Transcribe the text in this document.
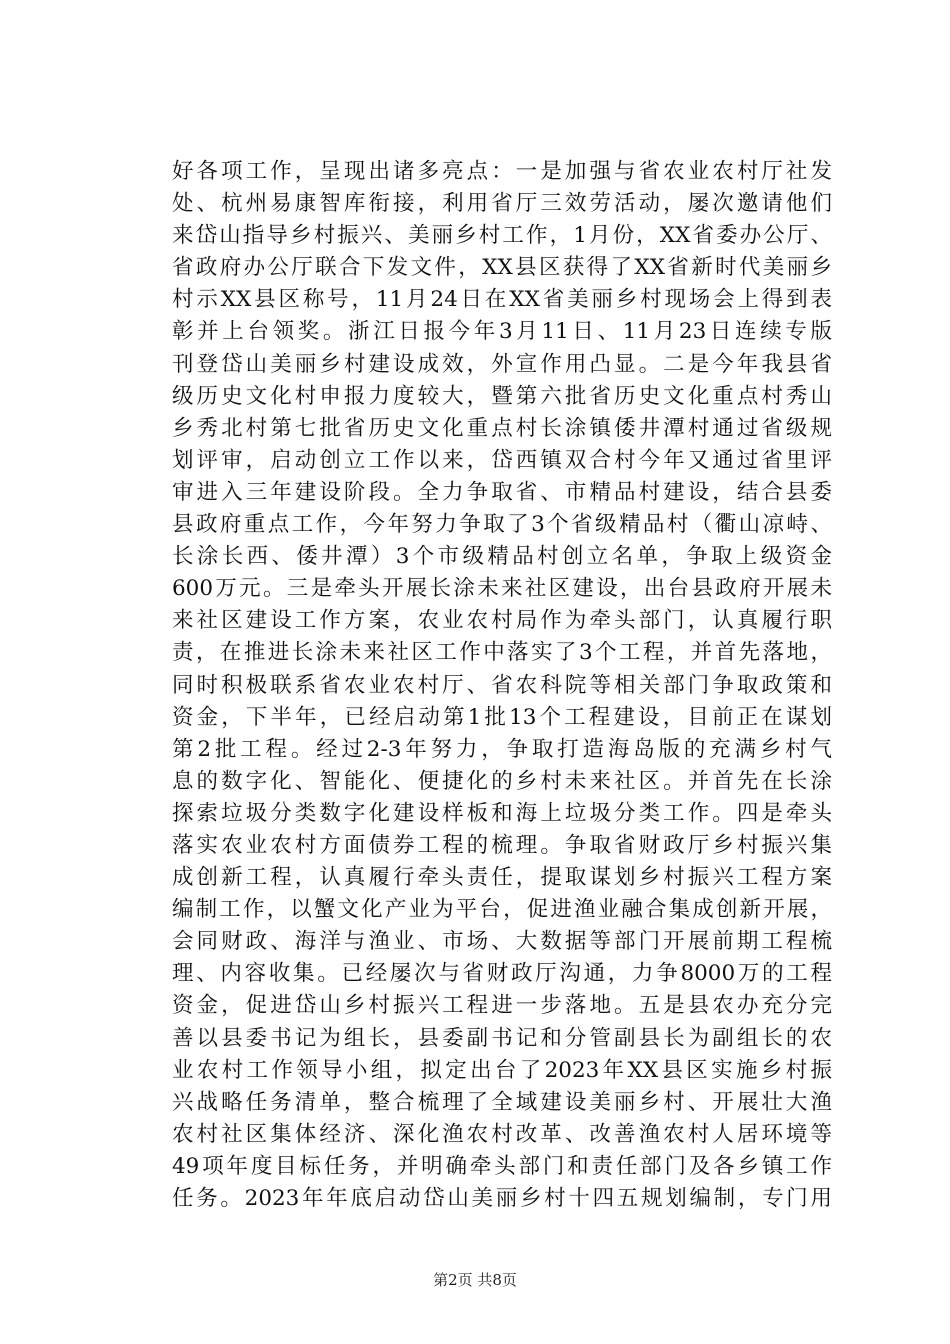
好各项工作，呈现出诸多亮点：一是加强与省农业农村厅社发
处、杭州易康智库衔接，利用省厅三效劳活动，屡次邀请他们
来岱山指导乡村振兴、美丽乡村工作，1月份，XX省委办公厅、
省政府办公厅联合下发文件，XX县区获得了XX省新时代美丽乡
村示XX县区称号，11月24日在XX省美丽乡村现场会上得到表
彰并上台领奖。浙江日报今年3月11日、11月23日连续专版
刊登岱山美丽乡村建设成效，外宣作用凸显。二是今年我县省
级历史文化村申报力度较大，暨第六批省历史文化重点村秀山
乡秀北村第七批省历史文化重点村长涂镇倭井潭村通过省级规
划评审，启动创立工作以来，岱西镇双合村今年又通过省里评
审进入三年建设阶段。全力争取省、市精品村建设，结合县委
县政府重点工作，今年努力争取了3个省级精品村（衢山凉峙、
长涂长西、倭井潭）3个市级精品村创立名单，争取上级资金
600万元。三是牵头开展长涂未来社区建设，出台县政府开展未
来社区建设工作方案，农业农村局作为牵头部门，认真履行职
责，在推进长涂未来社区工作中落实了3个工程，并首先落地，
同时积极联系省农业农村厅、省农科院等相关部门争取政策和
资金，下半年，已经启动第1批13个工程建设，目前正在谋划
第2批工程。经过2-3年努力，争取打造海岛版的充满乡村气
息的数字化、智能化、便捷化的乡村未来社区。并首先在长涂
探索垃圾分类数字化建设样板和海上垃圾分类工作。四是牵头
落实农业农村方面债券工程的梳理。争取省财政厅乡村振兴集
成创新工程，认真履行牵头责任，提取谋划乡村振兴工程方案
编制工作，以蟹文化产业为平台，促进渔业融合集成创新开展，
会同财政、海洋与渔业、市场、大数据等部门开展前期工程梳
理、内容收集。已经屡次与省财政厅沟通，力争8000万的工程
资金，促进岱山乡村振兴工程进一步落地。五是县农办充分完
善以县委书记为组长，县委副书记和分管副县长为副组长的农
业农村工作领导小组，拟定出台了2023年XX县区实施乡村振
兴战略任务清单，整合梳理了全域建设美丽乡村、开展壮大渔
农村社区集体经济、深化渔农村改革、改善渔农村人居环境等
49项年度目标任务，并明确牵头部门和责任部门及各乡镇工作
任务。2023年年底启动岱山美丽乡村十四五规划编制，专门用
第2页 共8页
